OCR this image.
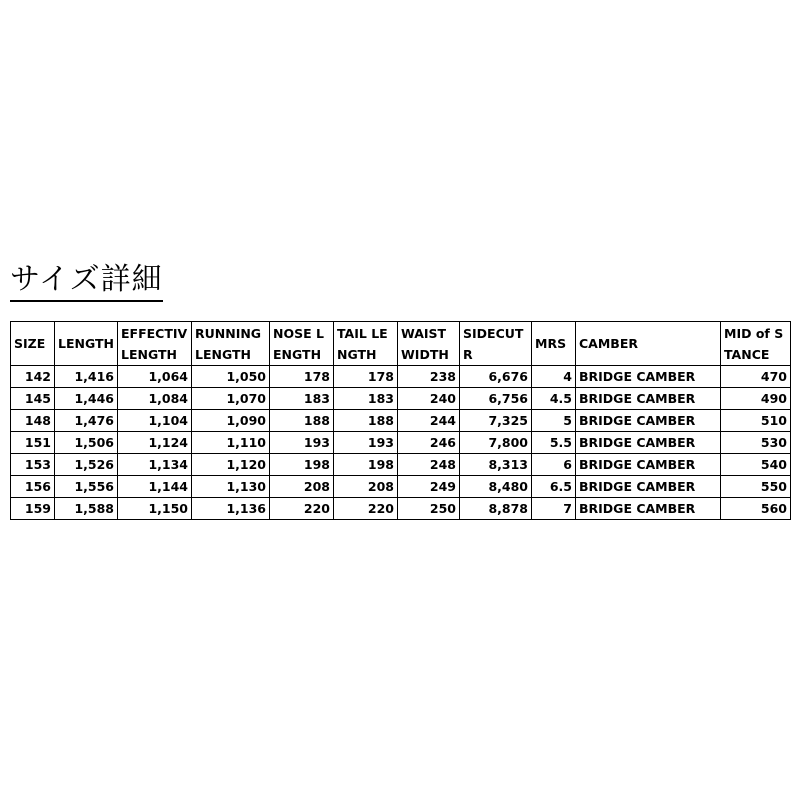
サイズ詳細
SIZE	LENGTH	EFFECTIV LENGTH	RUNNING LENGTH	NOSE LENGTH	TAIL LENGTH	WAIST WIDTH	SIDECUT R	MRS	CAMBER	MID of STANCE
142	1,416	1,064	1,050	178	178	238	6,676	4	BRIDGE CAMBER	470
145	1,446	1,084	1,070	183	183	240	6,756	4.5	BRIDGE CAMBER	490
148	1,476	1,104	1,090	188	188	244	7,325	5	BRIDGE CAMBER	510
151	1,506	1,124	1,110	193	193	246	7,800	5.5	BRIDGE CAMBER	530
153	1,526	1,134	1,120	198	198	248	8,313	6	BRIDGE CAMBER	540
156	1,556	1,144	1,130	208	208	249	8,480	6.5	BRIDGE CAMBER	550
159	1,588	1,150	1,136	220	220	250	8,878	7	BRIDGE CAMBER	560
